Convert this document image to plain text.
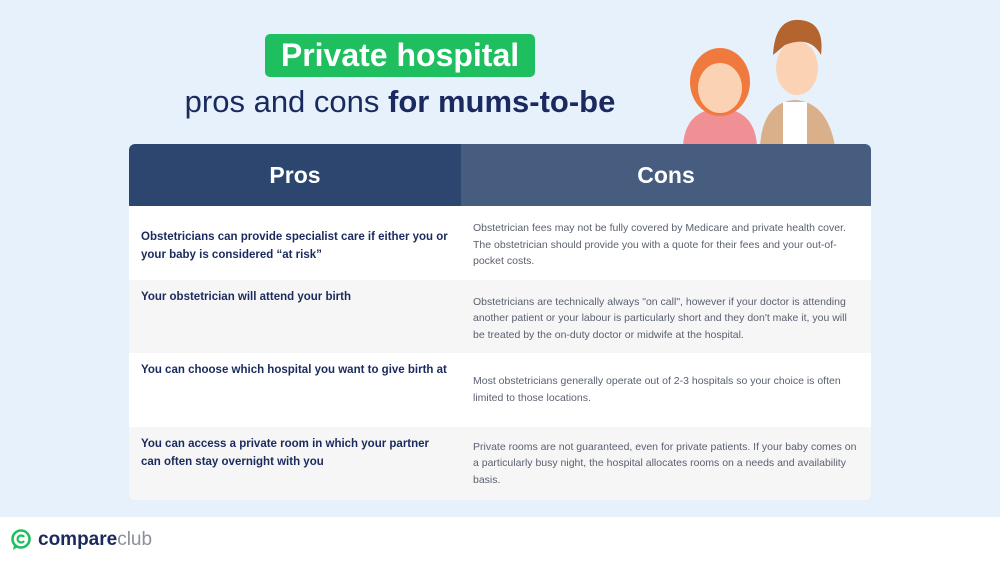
Private hospital
pros and cons for mums-to-be
Pros	Cons
Obstetricians can provide specialist care if either you or your baby is considered “at risk”
Obstetrician fees may not be fully covered by Medicare and private health cover. The obstetrician should provide you with a quote for their fees and your out-of-pocket costs.
Your obstetrician will attend your birth	Obstetricians are technically always "on call", however if your doctor is attending another patient or your labour is particularly short and they don't make it, you will be treated by the on-duty doctor or midwife at the hospital.
You can choose which hospital you want to give birth at
Most obstetricians generally operate out of 2-3 hospitals so your choice is often limited to those locations.
You can access a private room in which your partner can often stay overnight with you
Private rooms are not guaranteed, even for private patients. If your baby comes on a particularly busy night, the hospital allocates rooms on a needs and availability basis.
compareclub
